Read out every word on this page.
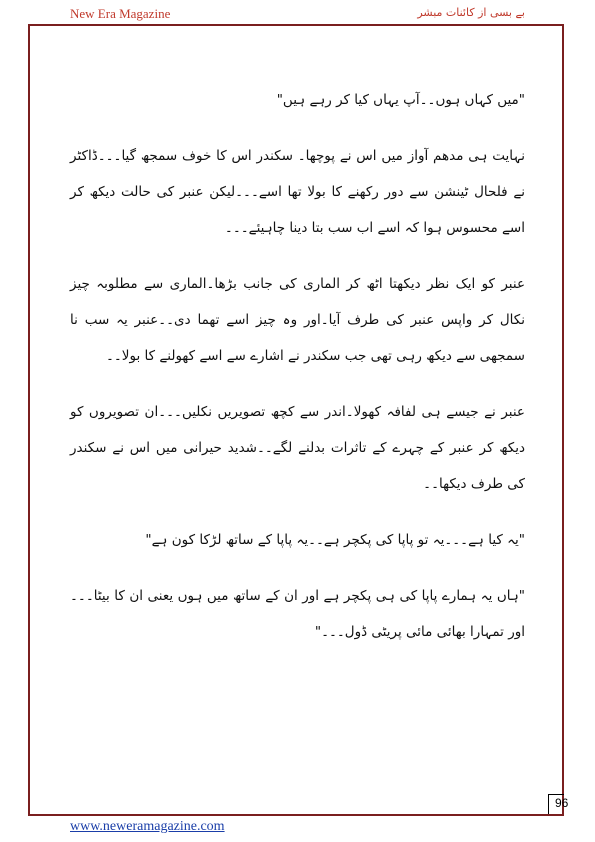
New Era Magazine	بے بسی از کائنات مبشر

"میں کہاں ہوں۔۔آپ یہاں کیا کر رہے ہیں"

نہایت ہی مدھم آواز میں اس نے پوچھا۔ سکندر اس کا خوف سمجھ گیا۔۔۔ڈاکٹر نے فلحال ٹینشن سے دور رکھنے کا بولا تھا اسے۔۔۔لیکن عنبر کی حالت دیکھ کر اسے محسوس ہوا کہ اسے اب سب بتا دینا چاہیئے۔۔۔

عنبر کو ایک نظر دیکھتا اٹھ کر الماری کی جانب بڑھا۔الماری سے مطلوبہ چیز نکال کر واپس عنبر کی طرف آیا۔اور وہ چیز اسے تھما دی۔۔عنبر یہ سب نا سمجھی سے دیکھ رہی تھی جب سکندر نے اشارے سے اسے کھولنے کا بولا۔۔

عنبر نے جیسے ہی لفافہ کھولا۔اندر سے کچھ تصویریں نکلیں۔۔۔ان تصویروں کو دیکھ کر عنبر کے چہرے کے تاثرات بدلنے لگے۔۔شدید حیرانی میں اس نے سکندر کی طرف دیکھا۔۔

"یہ کیا ہے۔۔۔یہ تو پاپا کی پکچر ہے۔۔یہ پاپا کے ساتھ لڑکا کون ہے"

"ہاں یہ ہمارے پاپا کی ہی پکچر ہے اور ان کے ساتھ میں ہوں یعنی ان کا بیٹا۔۔۔اور تمہارا بھائی مائی پریٹی ڈول۔۔۔"

96
www.neweramagazine.com
